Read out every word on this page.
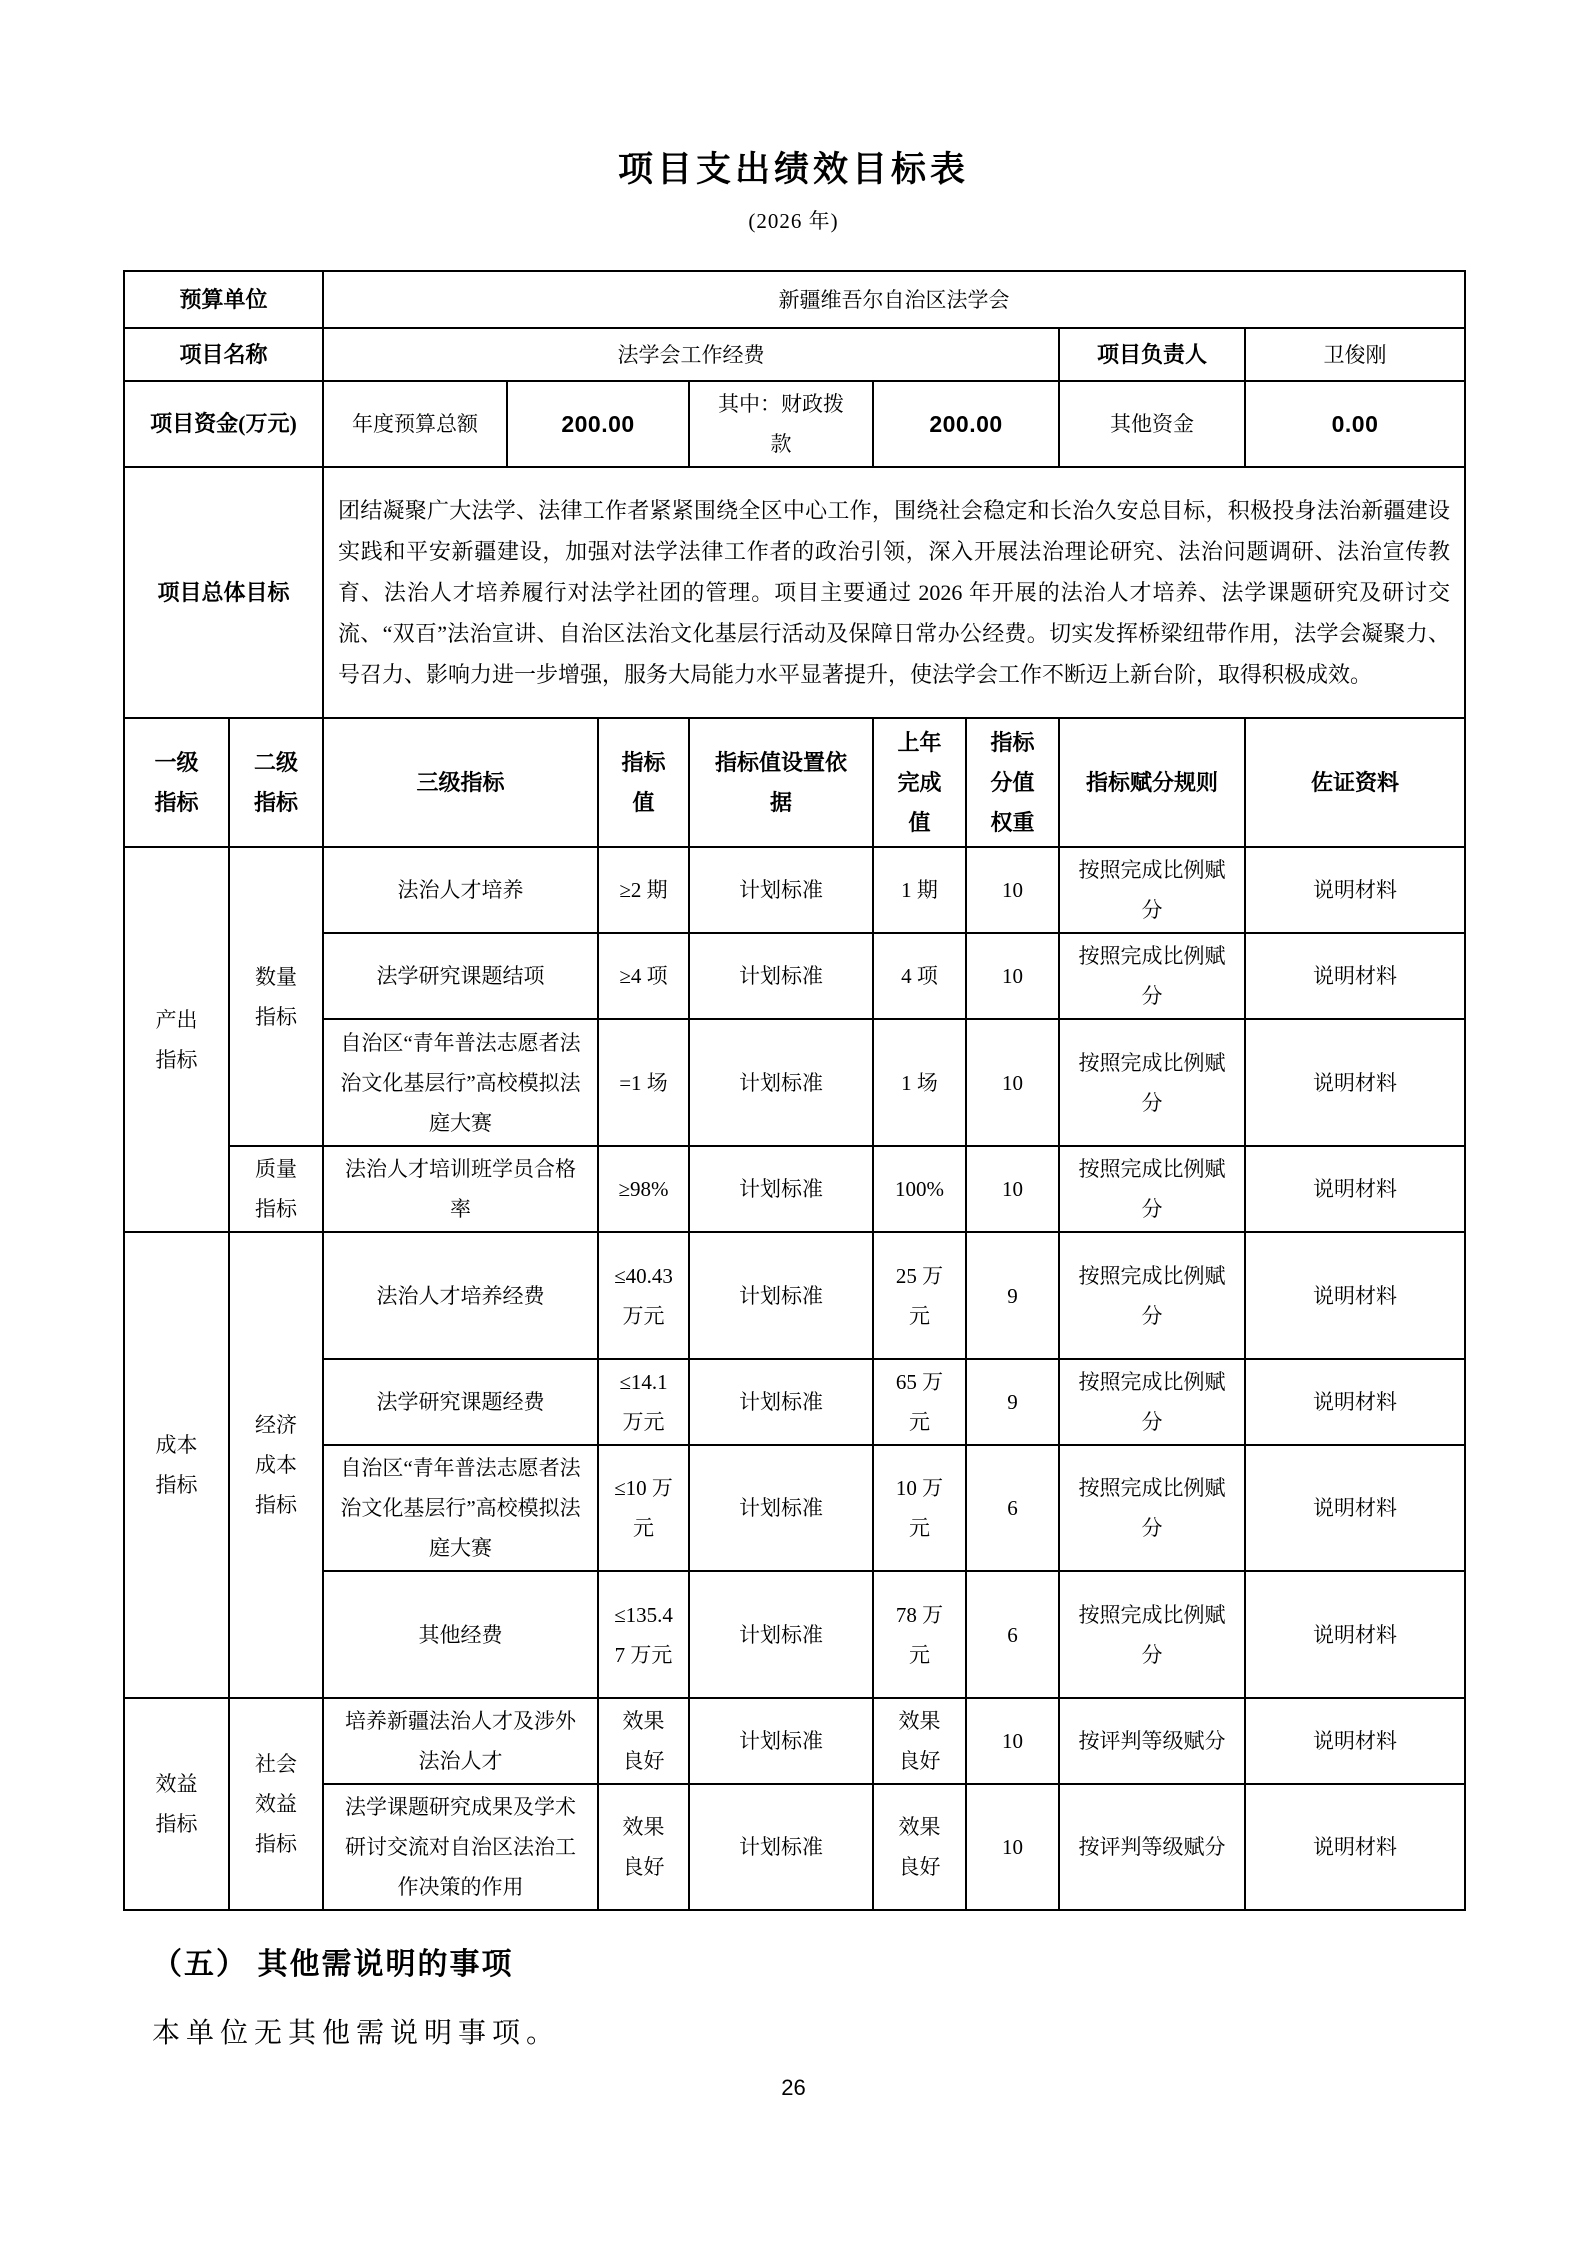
项目支出绩效目标表
(2026 年)
预算单位		新疆维吾尔自治区法学会							
项目名称		法学会工作经费						项目负责人	卫俊刚
项目资金(万元)		年度预算总额	200.00		其中：财政拨款	200.00		其他资金	0.00
项目总体目标		团结凝聚广大法学、法律工作者紧紧围绕全区中心工作，围绕社会稳定和长治久安总目标，积极投身法治新疆建设实践和平安新疆建设，加强对法学法律工作者的政治引领，深入开展法治理论研究、法治问题调研、法治宣传教育、法治人才培养履行对法学社团的管理。项目主要通过 2026 年开展的法治人才培养、法学课题研究及研讨交流、“双百”法治宣讲、自治区法治文化基层行活动及保障日常办公经费。切实发挥桥梁纽带作用，法学会凝聚力、号召力、影响力进一步增强，服务大局能力水平显著提升，使法学会工作不断迈上新台阶，取得积极成效。							
一级指标	二级指标	三级指标		指标值	指标值设置依据	上年完成值	指标分值权重	指标赋分规则	佐证资料
产出指标	数量指标	法治人才培养		≥2 期	计划标准	1 期	10	按照完成比例赋分	说明材料
		法学研究课题结项		≥4 项	计划标准	4 项	10	按照完成比例赋分	说明材料
		自治区“青年普法志愿者法治文化基层行”高校模拟法庭大赛		=1 场	计划标准	1 场	10	按照完成比例赋分	说明材料
	质量指标	法治人才培训班学员合格率		≥98%	计划标准	100%	10	按照完成比例赋分	说明材料
成本指标	经济成本指标	法治人才培养经费		≤40.43 万元	计划标准	25 万元	9	按照完成比例赋分	说明材料
		法学研究课题经费		≤14.1 万元	计划标准	65 万元	9	按照完成比例赋分	说明材料
		自治区“青年普法志愿者法治文化基层行”高校模拟法庭大赛		≤10 万元	计划标准	10 万元	6	按照完成比例赋分	说明材料
		其他经费		≤135.47 万元	计划标准	78 万元	6	按照完成比例赋分	说明材料
效益指标	社会效益指标	培养新疆法治人才及涉外法治人才		效果良好	计划标准	效果良好	10	按评判等级赋分	说明材料
		法学课题研究成果及学术研讨交流对自治区法治工作决策的作用		效果良好	计划标准	效果良好	10	按评判等级赋分	说明材料
（五） 其他需说明的事项
本单位无其他需说明事项。
26
